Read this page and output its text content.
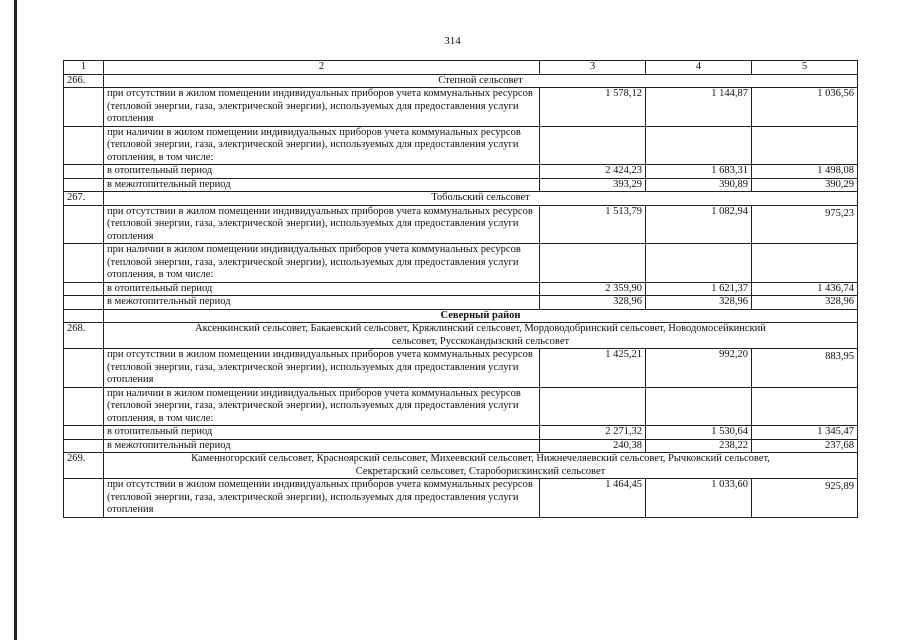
314
1	2	3	4	5
266.	Степной сельсовет			
	при отсутствии в жилом помещении индивидуальных приборов учета коммунальных ресурсов (тепловой энергии, газа, электрической энергии), используемых для предоставления услуги отопления	1 578,12	1 144,87	1 036,56
	при наличии в жилом помещении индивидуальных приборов учета коммунальных ресурсов (тепловой энергии, газа, электрической энергии), используемых для предоставления услуги отопления, в том числе:			
	в отопительный период	2 424,23	1 683,31	1 498,08
	в межотопительный период	393,29	390,89	390,29
267.	Тобольский сельсовет			
	при отсутствии в жилом помещении индивидуальных приборов учета коммунальных ресурсов (тепловой энергии, газа, электрической энергии), используемых для предоставления услуги отопления	1 513,79	1 082,94	975,23
	при наличии в жилом помещении индивидуальных приборов учета коммунальных ресурсов (тепловой энергии, газа, электрической энергии), используемых для предоставления услуги отопления, в том числе:			
	в отопительный период	2 359,90	1 621,37	1 436,74
	в межотопительный период	328,96	328,96	328,96
	Северный район			
268.	Аксенкинский сельсовет, Бакаевский сельсовет, Кряжлинский сельсовет, Мордоводобринский сельсовет, Новодомосейкинский сельсовет, Русскокандызский сельсовет			
	при отсутствии в жилом помещении индивидуальных приборов учета коммунальных ресурсов (тепловой энергии, газа, электрической энергии), используемых для предоставления услуги отопления	1 425,21	992,20	883,95
	при наличии в жилом помещении индивидуальных приборов учета коммунальных ресурсов (тепловой энергии, газа, электрической энергии), используемых для предоставления услуги отопления, в том числе:			
	в отопительный период	2 271,32	1 530,64	1 345,47
	в межотопительный период	240,38	238,22	237,68
269.	Каменногорский сельсовет, Красноярский сельсовет, Михеевский сельсовет, Нижнечеляевский сельсовет, Рычковский сельсовет, Секретарский сельсовет, Староборискинский сельсовет			
	при отсутствии в жилом помещении индивидуальных приборов учета коммунальных ресурсов (тепловой энергии, газа, электрической энергии), используемых для предоставления услуги отопления	1 464,45	1 033,60	925,89
